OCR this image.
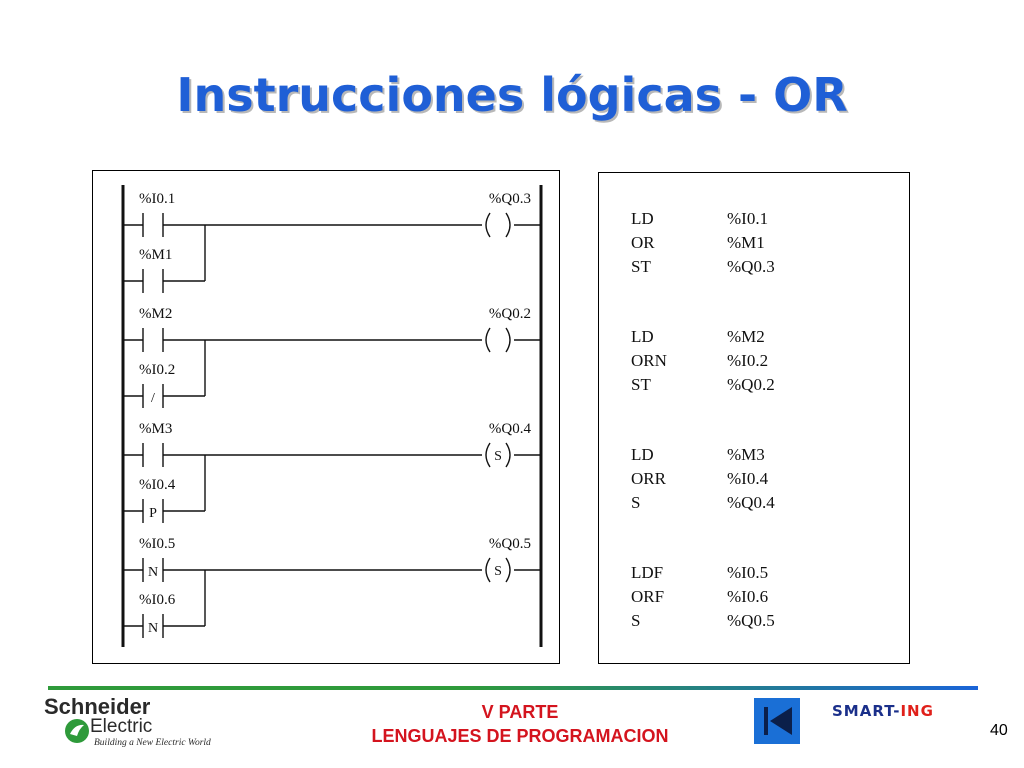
Instrucciones lógicas - OR
%I0.1
%M1
%Q0.3
%M2
%I0.2
%Q0.2
/
%M3
%I0.4
%Q0.4
S
P
%I0.5
%I0.6
%Q0.5
N	S
N
LD	%I0.1
OR	%M1
ST	%Q0.3
LD	%M2
ORN	%I0.2
ST	%Q0.2
LD	%M3
ORR	%I0.4
S	%Q0.4
LDF	%I0.5
ORF	%I0.6
S	%Q0.5
Schneider
Electric
Building a New Electric World
V PARTE
LENGUAJES DE PROGRAMACION
SMART-ING
40
